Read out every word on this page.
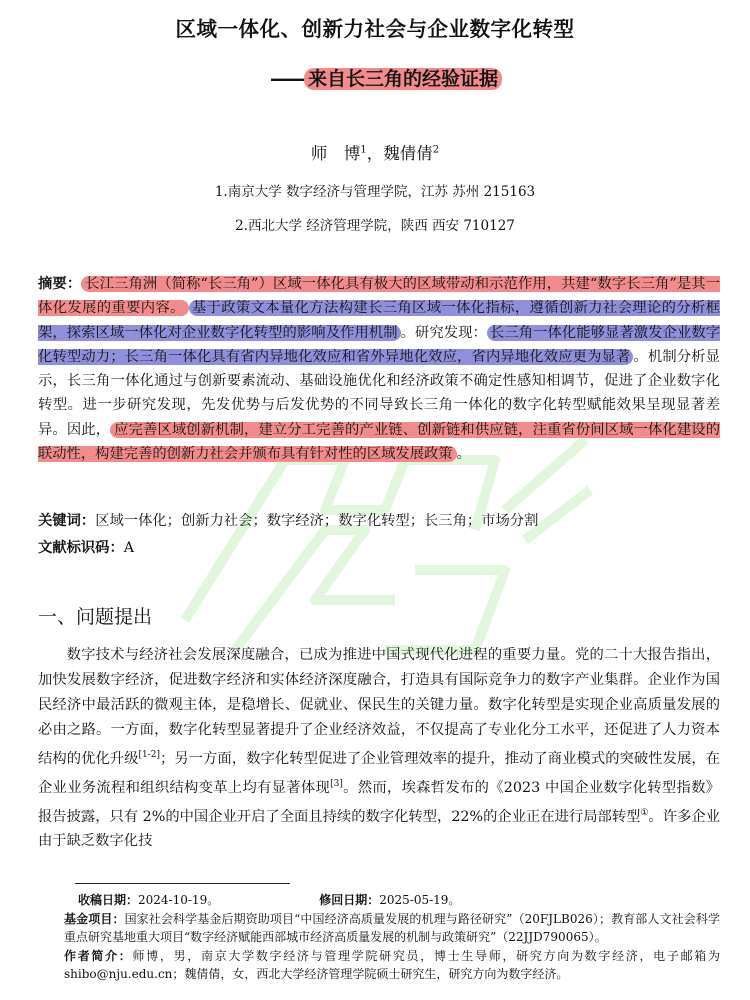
区域一体化、创新力社会与企业数字化转型
—— 来自长三角的经验证据
师　博$^1$，魏倩倩$^2$
1.南京大学 数字经济与管理学院，江苏 苏州 215163
2.西北大学 经济管理学院，陕西 西安 710127
摘要： 长江三角洲（简称“长三角”）区域一体化具有极大的区域带动和示范作用，共建“数字长三角”是其一体化发展的重要内容。 基于政策文本量化方法构建长三角区域一体化指标，遵循创新力社会理论的分析框架，探索区域一体化对企业数字化转型的影响及作用机制 。研究发现： 长三角一体化能够显著激发企业数字化转型动力；长三角一体化具有省内异地化效应和省外异地化效应，省内异地化效应更为显著 。机制分析显示，长三角一体化通过与创新要素流动、基础设施优化和经济政策不确定性感知相调节，促进了企业数字化转型。进一步研究发现，先发优势与后发优势的不同导致长三角一体化的数字化转型赋能效果呈现显著差异。因此， 应完善区域创新机制，建立分工完善的产业链、创新链和供应链，注重省份间区域一体化建设的联动性，构建完善的创新力社会并颁布具有针对性的区域发展政策 。
关键词：区域一体化；创新力社会；数字经济；数字化转型；长三角；市场分割
文献标识码：A
一、问题提出

数字技术与经济社会发展深度融合，已成为推进中国式现代化进程的重要力量。党的二十大报告指出，加快发展数字经济，促进数字经济和实体经济深度融合，打造具有国际竞争力的数字产业集群。企业作为国民经济中最活跃的微观主体，是稳增长、促就业、保民生的关键力量。数字化转型是实现企业高质量发展的必由之路。一方面，数字化转型显著提升了企业经济效益，不仅提高了专业化分工水平，还促进了人力资本结构的优化升级[1-2]；另一方面，数字化转型促进了企业管理效率的提升，推动了商业模式的突破性发展，在企业业务流程和组织结构变革上均有显著体现[3]。然而，埃森哲发布的《2023 中国企业数字化转型指数》报告披露，只有 2%的中国企业开启了全面且持续的数字化转型，22%的企业正在进行局部转型①。许多企业由于缺乏数字化技

收稿日期：2024-10-19。	修回日期：2025-05-19。

基金项目：国家社会科学基金后期资助项目“中国经济高质量发展的机理与路径研究”（20FJLB026）；教育部人文社会科学重点研究基地重大项目“数字经济赋能西部城市经济高质量发展的机制与政策研究”（22JJD790065）。

作者简介：师博，男，南京大学数字经济与管理学院研究员，博士生导师，研究方向为数字经济，电子邮箱为 shibo@nju.edu.cn；魏倩倩，女，西北大学经济管理学院硕士研究生，研究方向为数字经济。
